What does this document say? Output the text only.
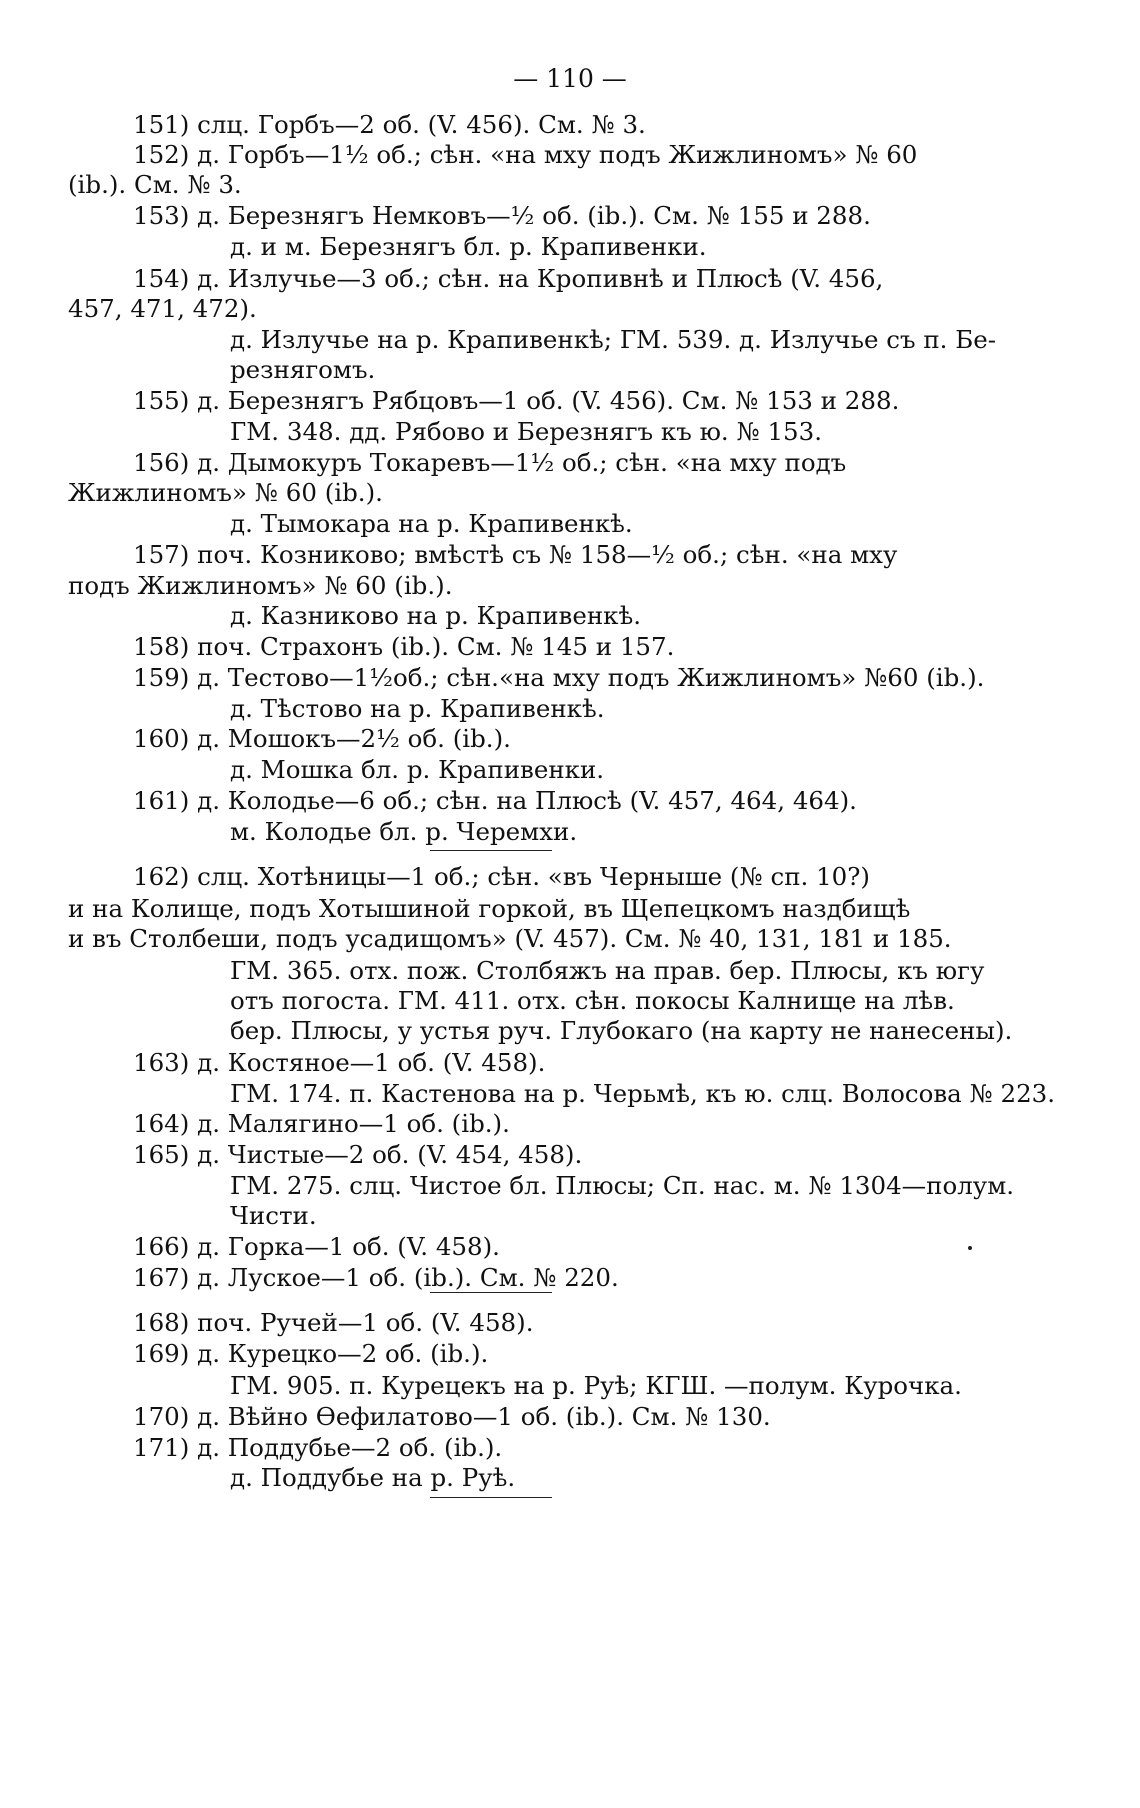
— 110 —
151) слц. Горбъ—2 об. (V. 456). См. № 3.
152) д. Горбъ—1½ об.; сѣн. «на мху подъ Жижлиномъ» № 60
(ib.). См. № 3.
153) д. Березнягъ Немковъ—½ об. (ib.). См. № 155 и 288.
д. и м. Березнягъ бл. р. Крапивенки.
154) д. Излучье—3 об.; сѣн. на Кропивнѣ и Плюсѣ (V. 456,
457, 471, 472).
д. Излучье на р. Крапивенкѣ; ГМ. 539. д. Излучье съ п. Бе-
резнягомъ.
155) д. Березнягъ Рябцовъ—1 об. (V. 456). См. № 153 и 288.
ГМ. 348. дд. Рябово и Березнягъ къ ю. № 153.
156) д. Дымокуръ Токаревъ—1½ об.; сѣн. «на мху подъ
Жижлиномъ» № 60 (ib.).
д. Тымокара на р. Крапивенкѣ.
157) поч. Козниково; вмѣстѣ съ № 158—½ об.; сѣн. «на мху
подъ Жижлиномъ» № 60 (ib.).
д. Казниково на р. Крапивенкѣ.
158) поч. Страхонъ (ib.). См. № 145 и 157.
159) д. Тестово—1½об.; сѣн.«на мху подъ Жижлиномъ» №60 (ib.).
д. Тѣстово на р. Крапивенкѣ.
160) д. Мошокъ—2½ об. (ib.).
д. Мошка бл. р. Крапивенки.
161) д. Колодье—6 об.; сѣн. на Плюсѣ (V. 457, 464, 464).
м. Колодье бл. р. Черемхи.
162) слц. Хотѣницы—1 об.; сѣн. «въ Черныше (№ сп. 10?)
и на Колище, подъ Хотышиной горкой, въ Щепецкомъ наздбищѣ
и въ Столбеши, подъ усадищомъ» (V. 457). См. № 40, 131, 181 и 185.
ГМ. 365. отх. пож. Столбяжъ на прав. бер. Плюсы, къ югу
отъ погоста. ГМ. 411. отх. сѣн. покосы Калнище на лѣв.
бер. Плюсы, у устья руч. Глубокаго (на карту не нанесены).
163) д. Костяное—1 об. (V. 458).
ГМ. 174. п. Кастенова на р. Черьмѣ, къ ю. слц. Волосова № 223.
164) д. Малягино—1 об. (ib.).
165) д. Чистые—2 об. (V. 454, 458).
ГМ. 275. слц. Чистое бл. Плюсы; Сп. нас. м. № 1304—полум.
Чисти.
166) д. Горка—1 об. (V. 458).
167) д. Луское—1 об. (ib.). См. № 220.
168) поч. Ручей—1 об. (V. 458).
169) д. Курецко—2 об. (ib.).
ГМ. 905. п. Курецекъ на р. Руѣ; КГШ. —полум. Курочка.
170) д. Вѣйно Өефилатово—1 об. (ib.). См. № 130.
171) д. Поддубье—2 об. (ib.).
д. Поддубье на р. Руѣ.
